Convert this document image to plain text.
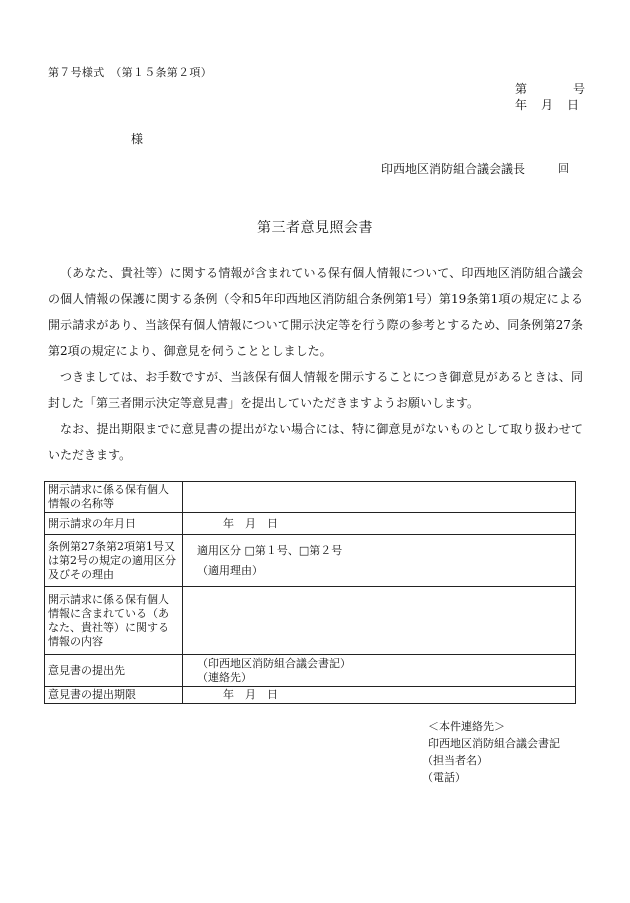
第７号様式　（第１５条第２項）
第	号
年 月 日
様
印西地区消防組合議会議長	回
第三者意見照会書

（あなた、貴社等）に関する情報が含まれている保有個人情報について、印西地区消防組合議会の個人情報の保護に関する条例（令和5年印西地区消防組合条例第1号）第19条第1項の規定による開示請求があり、当該保有個人情報について開示決定等を行う際の参考とするため、同条例第27条第2項の規定により、御意見を伺うこととしました。

つきましては、お手数ですが、当該保有個人情報を開示することにつき御意見があるときは、同封した「第三者開示決定等意見書」を提出していただきますようお願いします。

なお、提出期限までに意見書の提出がない場合には、特に御意見がないものとして取り扱わせていただきます。

開示請求に係る保有個人情報の名称等	
開示請求の年月日	年　月　日
条例第27条第2項第1号又は第2号の規定の適用区分及びその理由	適用区分 □第１号、□第２号
（適用理由）

開示請求に係る保有個人情報に含まれている（あなた、貴社等）に関する情報の内容	
意見書の提出先	（印西地区消防組合議会書記）
（連絡先）

意見書の提出期限	年　月　日
＜本件連絡先＞
印西地区消防組合議会書記
（担当者名）
（電話）
